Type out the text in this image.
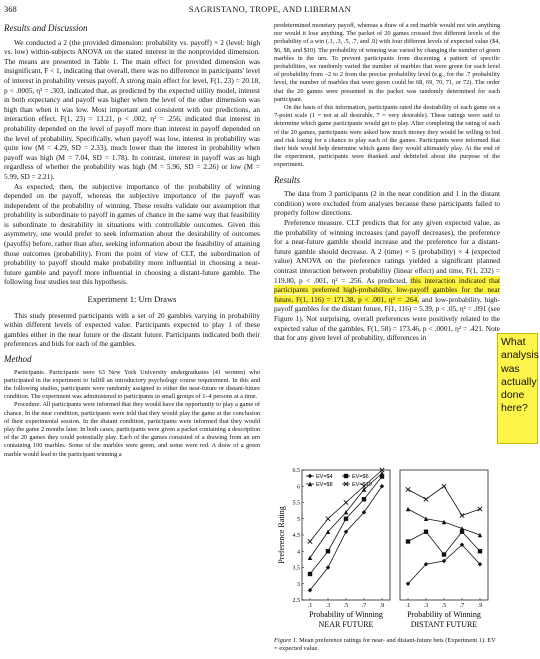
368	SAGRISTANO, TROPE, AND LIBERMAN
Results and Discussion

We conducted a 2 (the provided dimension: probability vs. payoff) × 2 (level: high vs. low) within-subjects ANOVA on the stated interest in the nonprovided dimension. The means are presented in Table 1. The main effect for provided dimension was insignificant, F < 1, indicating that overall, there was no difference in participants' level of interest in probability versus payoff. A strong main effect for level, F(1, 23) = 20.18, p < .0005, η² = .303, indicated that, as predicted by the expected utility model, interest in both expectancy and payoff was higher when the level of the other dimension was high than when it was low. Most important and consistent with our predictions, an interaction effect, F(1, 23) = 13.21, p < .002, η² = .256, indicated that interest in probability depended on the level of payoff more than interest in payoff depended on the level of probability. Specifically, when payoff was low, interest in probability was quite low (M = 4.29, SD = 2.33), much lower than the interest in probability when payoff was high (M = 7.04, SD = 1.78). In contrast, interest in payoff was as high regardless of whether the probability was high (M = 5.96, SD = 2.26) or low (M = 5.99, SD = 2.21).

As expected, then, the subjective importance of the probability of winning depended on the payoff, whereas the subjective importance of the payoff was independent of the probability of winning. These results validate our assumption that probability is subordinate to payoff in games of chance in the same way that feasibility is subordinate to desirability in situations with controllable outcomes. Given this asymmetry, one would prefer to seek information about the desirability of outcomes (payoffs) before, rather than after, seeking information about the feasibility of attaining those outcomes (probability). From the point of view of CLT, the subordination of probability to payoff should make probability more influential in choosing a near-future gamble and payoff more influential in choosing a distant-future gamble. The following four studies test this hypothesis.

Experiment 1: Urn Draws

This study presented participants with a set of 20 gambles varying in probability within different levels of expected value. Participants expected to play 1 of these gambles either in the near future or the distant future. Participants indicated both their preferences and bids for each of the gambles.

Method

Participants. Participants were 63 New York University undergraduates (41 women) who participated in the experiment to fulfill an introductory psychology course requirement. In this and the following studies, participants were randomly assigned to either the near-future or distant-future condition. The experiment was administered to participants in small groups of 1–4 persons at a time.

Procedure. All participants were informed that they would have the opportunity to play a game of chance. In the near condition, participants were told that they would play the game at the conclusion of their experimental session. In the distant condition, participants were informed that they would play the game 2 months later. In both cases, participants were given a packet containing a description of the 20 games they could potentially play. Each of the games consisted of a drawing from an urn containing 100 marbles. Some of the marbles were green, and some were red. A draw of a green marble would lead to the participant winning a

predetermined monetary payoff, whereas a draw of a red marble would not win anything nor would it lose anything. The packet of 20 games crossed five different levels of the probability of a win (.1, .3, .5, .7, and .9) with four different levels of expected value ($4, $6, $8, and $10). The probability of winning was varied by changing the number of green marbles in the urn. To prevent participants from discerning a pattern of specific probabilities, we randomly varied the number of marbles that were green for each level of probability from –2 to 2 from the precise probability level (e.g., for the .7 probability level, the number of marbles that were green could be 68, 69, 70, 71, or 72). The order that the 20 games were presented in the packet was randomly determined for each participant.

On the basis of this information, participants rated the desirability of each game on a 7-point scale (1 = not at all desirable, 7 = very desirable). These ratings were said to determine which game participants would get to play. After completing the rating of each of the 20 games, participants were asked how much money they would be willing to bid and risk losing for a chance to play each of the games. Participants were informed that their bids would help determine which game they would ultimately play. At the end of the experiment, participants were thanked and debriefed about the purpose of the experiment.

Results

The data from 3 participants (2 in the near condition and 1 in the distant condition) were excluded from analyses because these participants failed to properly follow directions.

Preference measure. CLT predicts that for any given expected value, as the probability of winning increases (and payoff decreases), the preference for a near-future gamble should increase and the preference for a distant-future gamble should decrease. A 2 (time) × 5 (probability) × 4 (expected value) ANOVA on the preference ratings yielded a significant planned contrast interaction between probability (linear effect) and time, F(1, 232) = 119.80, p < .001, η² = .256. As predicted, this interaction indicated that participants preferred high-probability, low-payoff gambles for the near future, F(1, 116) = 171.38, p < .001, η² = .264, and low-probability, high-payoff gambles for the distant future, F(1, 116) = 5.39, p < .05, η² = .091 (see Figure 1). Not surprising, overall preferences were positively related to the expected value of the gambles, F(1, 58) = 173.46, p < .0001, η² = .421. Note that for any given level of probability, differences in	What analysis was actually done here?
.1 .3 .5 .7 .9
Probability of Winning
NEAR FUTURE
.1 .3 .5 .7 .9
Probability of Winning
DISTANT FUTURE
2.5
3
3.5
4
4.5
5
5.5
6
6.5
Preference Rating
EV=$4	EV=$6
EV=$8	EV=$10
Figure 1. Mean preference ratings for near- and distant-future bets (Experiment 1). EV = expected value.
